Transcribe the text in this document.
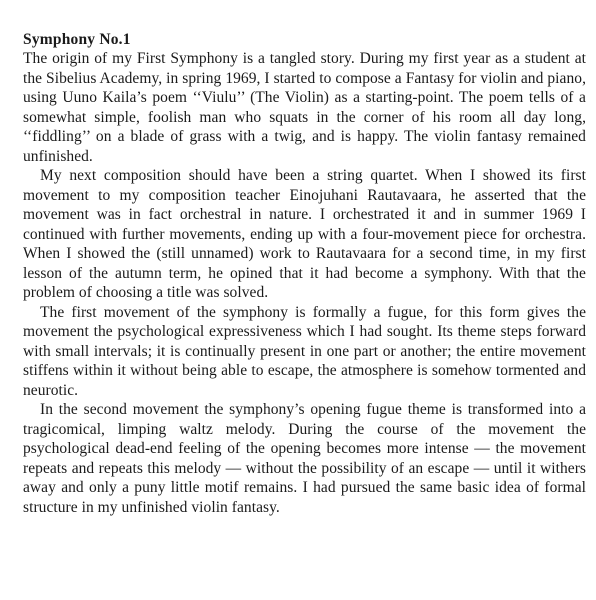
Symphony No.1

The origin of my First Symphony is a tangled story. During my first year as a student at the Sibelius Academy, in spring 1969, I started to compose a Fantasy for violin and piano, using Uuno Kaila’s poem ‘‘Viulu’’ (The Violin) as a starting-point. The poem tells of a somewhat simple, foolish man who squats in the corner of his room all day long, ‘‘fiddling’’ on a blade of grass with a twig, and is happy. The violin fantasy remained unfinished.

My next composition should have been a string quartet. When I showed its first movement to my composition teacher Einojuhani Rautavaara, he asserted that the movement was in fact orchestral in nature. I orchestrated it and in summer 1969 I continued with further movements, ending up with a four-movement piece for orchestra. When I showed the (still unnamed) work to Rautavaara for a second time, in my first lesson of the autumn term, he opined that it had become a symphony. With that the problem of choosing a title was solved.

The first movement of the symphony is formally a fugue, for this form gives the movement the psychological expressiveness which I had sought. Its theme steps forward with small intervals; it is continually present in one part or another; the entire movement stiffens within it without being able to escape, the atmosphere is somehow tormented and neurotic.

In the second movement the symphony’s opening fugue theme is transformed into a tragicomical, limping waltz melody. During the course of the movement the psychological dead-end feeling of the opening becomes more intense — the movement repeats and repeats this melody — without the possibility of an escape — until it withers away and only a puny little motif remains. I had pursued the same basic idea of formal structure in my unfinished violin fantasy.
